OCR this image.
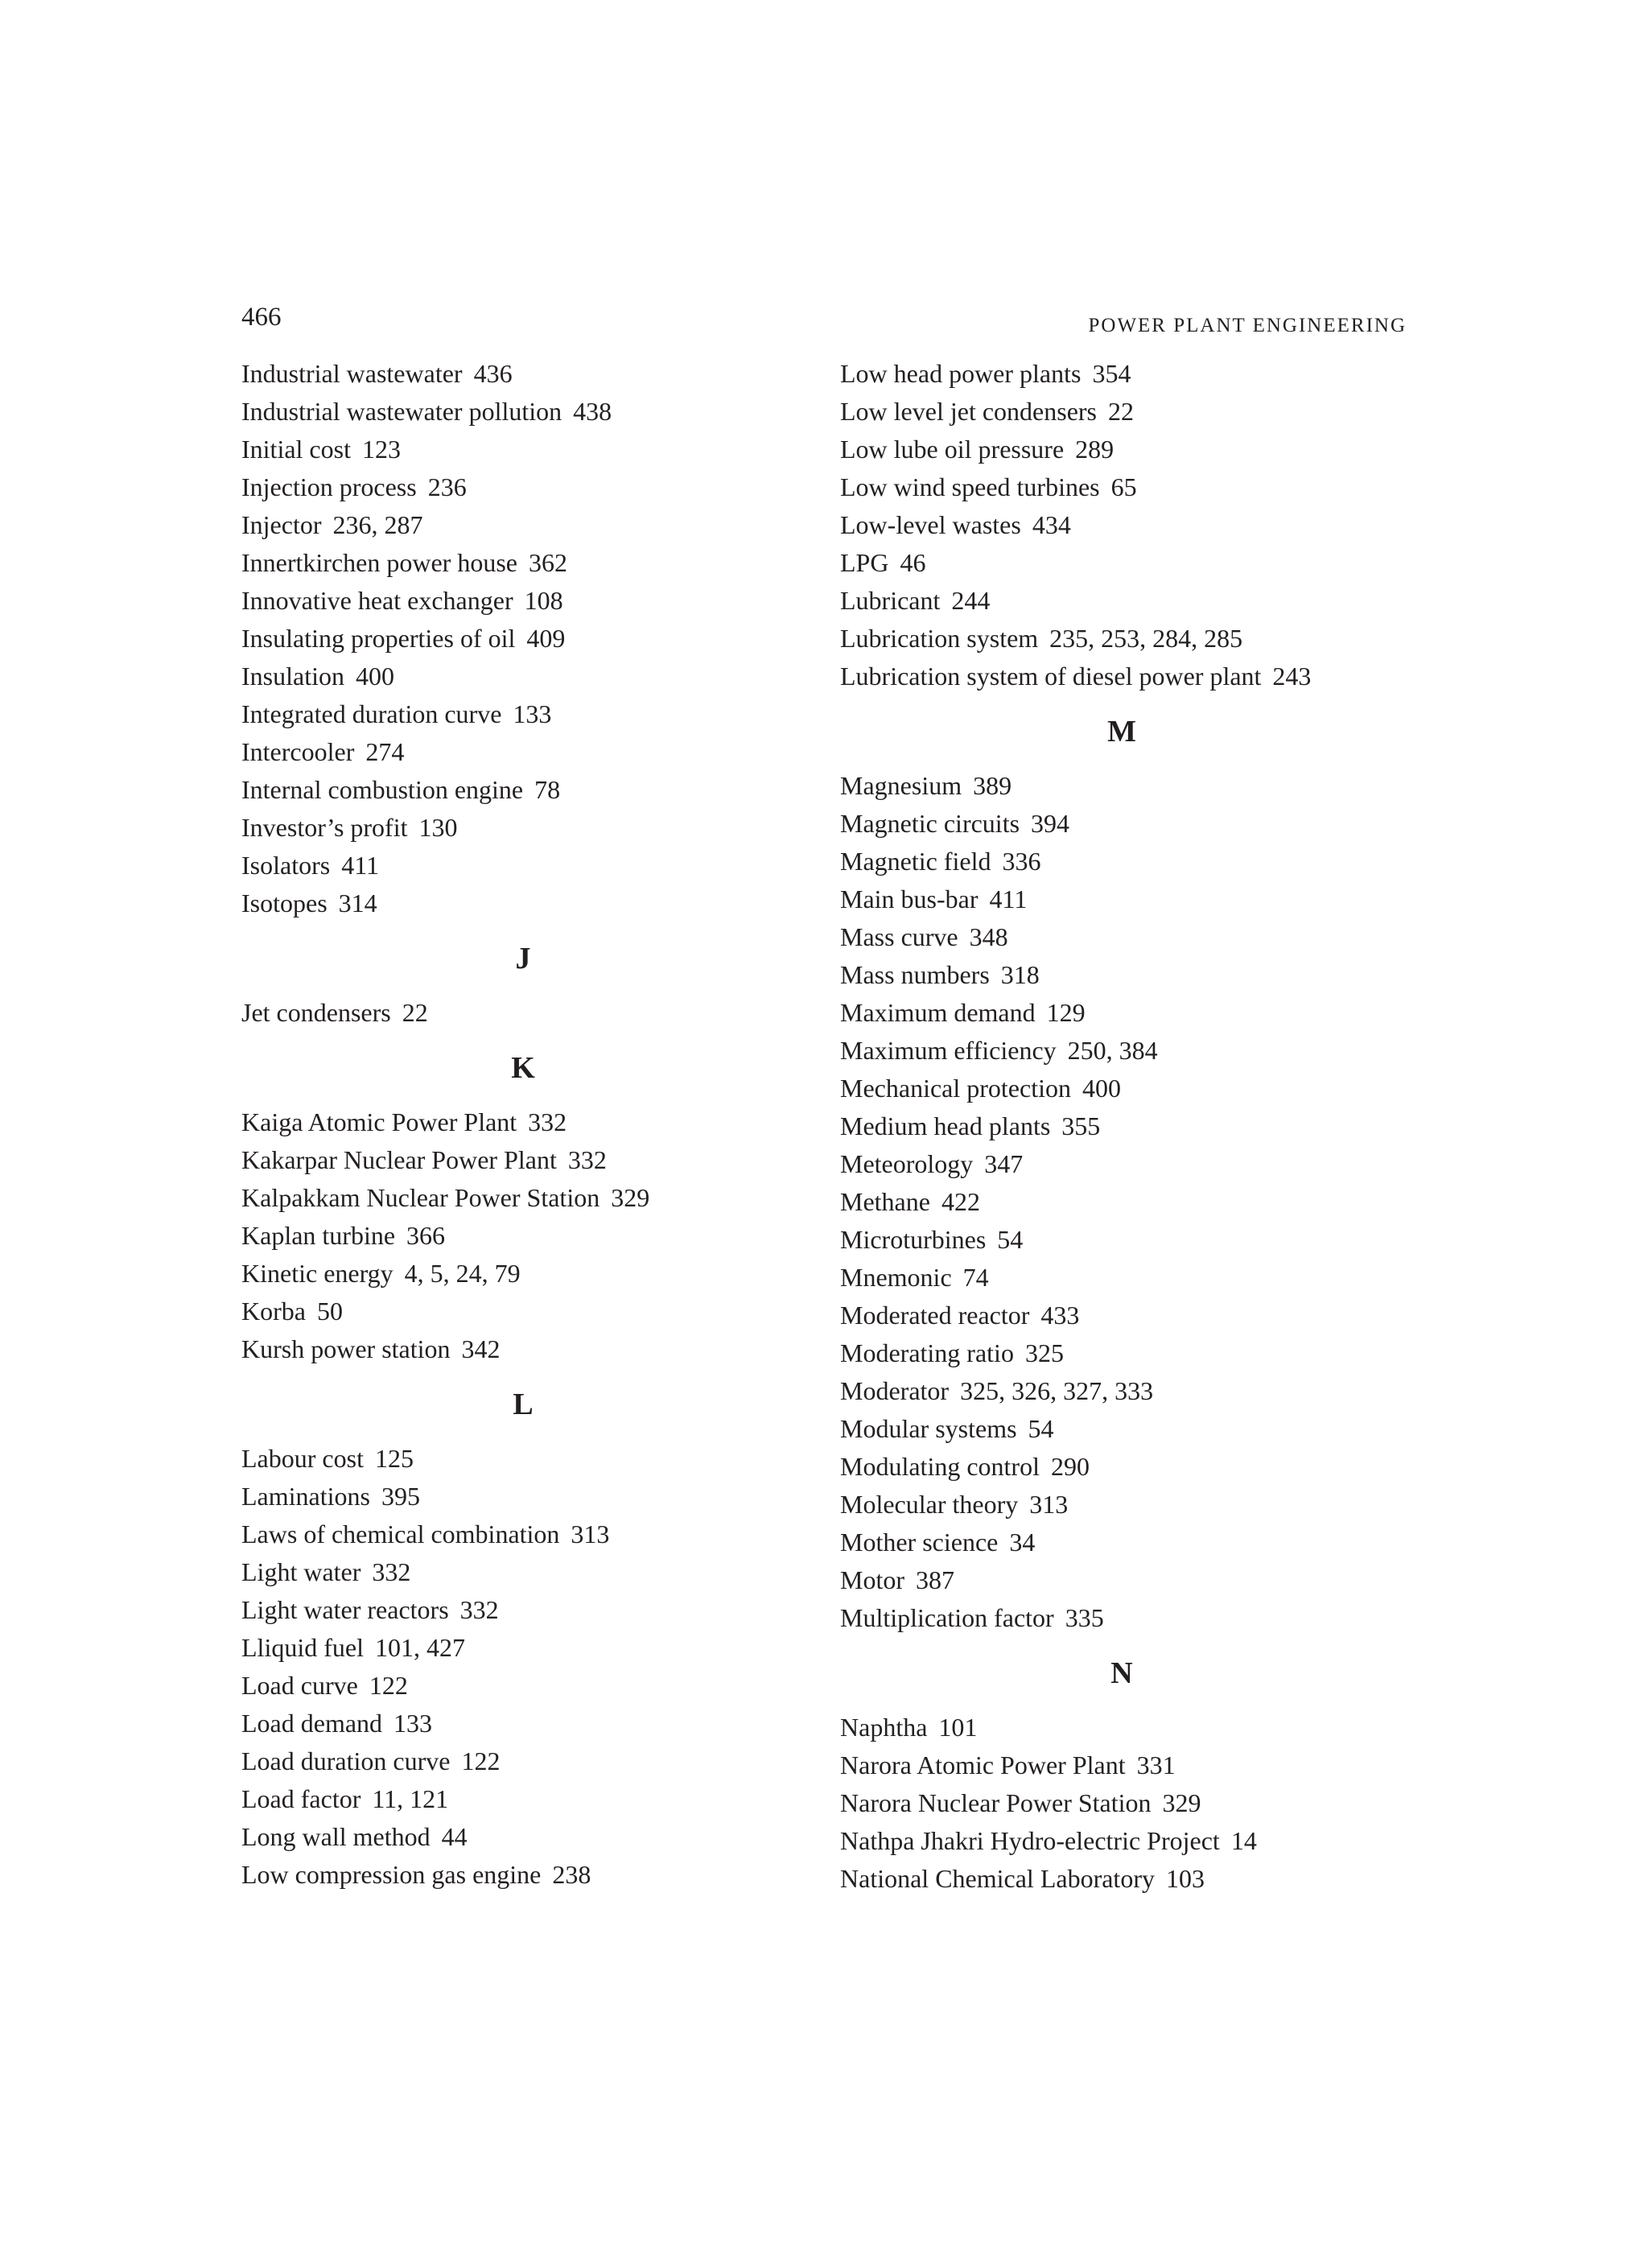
466	POWER PLANT ENGINEERING
Industrial wastewater 436
Industrial wastewater pollution 438
Initial cost 123
Injection process 236
Injector 236, 287
Innertkirchen power house 362
Innovative heat exchanger 108
Insulating properties of oil 409
Insulation 400
Integrated duration curve 133
Intercooler 274
Internal combustion engine 78
Investor’s profit 130
Isolators 411
Isotopes 314
J
Jet condensers 22
K
Kaiga Atomic Power Plant 332
Kakarpar Nuclear Power Plant 332
Kalpakkam Nuclear Power Station 329
Kaplan turbine 366
Kinetic energy 4, 5, 24, 79
Korba 50
Kursh power station 342
L
Labour cost 125
Laminations 395
Laws of chemical combination 313
Light water 332
Light water reactors 332
Lliquid fuel 101, 427
Load curve 122
Load demand 133
Load duration curve 122
Load factor 11, 121
Long wall method 44
Low compression gas engine 238
Low head power plants 354
Low level jet condensers 22
Low lube oil pressure 289
Low wind speed turbines 65
Low-level wastes 434
LPG 46
Lubricant 244
Lubrication system 235, 253, 284, 285
Lubrication system of diesel power plant 243
M
Magnesium 389
Magnetic circuits 394
Magnetic field 336
Main bus-bar 411
Mass curve 348
Mass numbers 318
Maximum demand 129
Maximum efficiency 250, 384
Mechanical protection 400
Medium head plants 355
Meteorology 347
Methane 422
Microturbines 54
Mnemonic 74
Moderated reactor 433
Moderating ratio 325
Moderator 325, 326, 327, 333
Modular systems 54
Modulating control 290
Molecular theory 313
Mother science 34
Motor 387
Multiplication factor 335
N
Naphtha 101
Narora Atomic Power Plant 331
Narora Nuclear Power Station 329
Nathpa Jhakri Hydro-electric Project 14
National Chemical Laboratory 103
